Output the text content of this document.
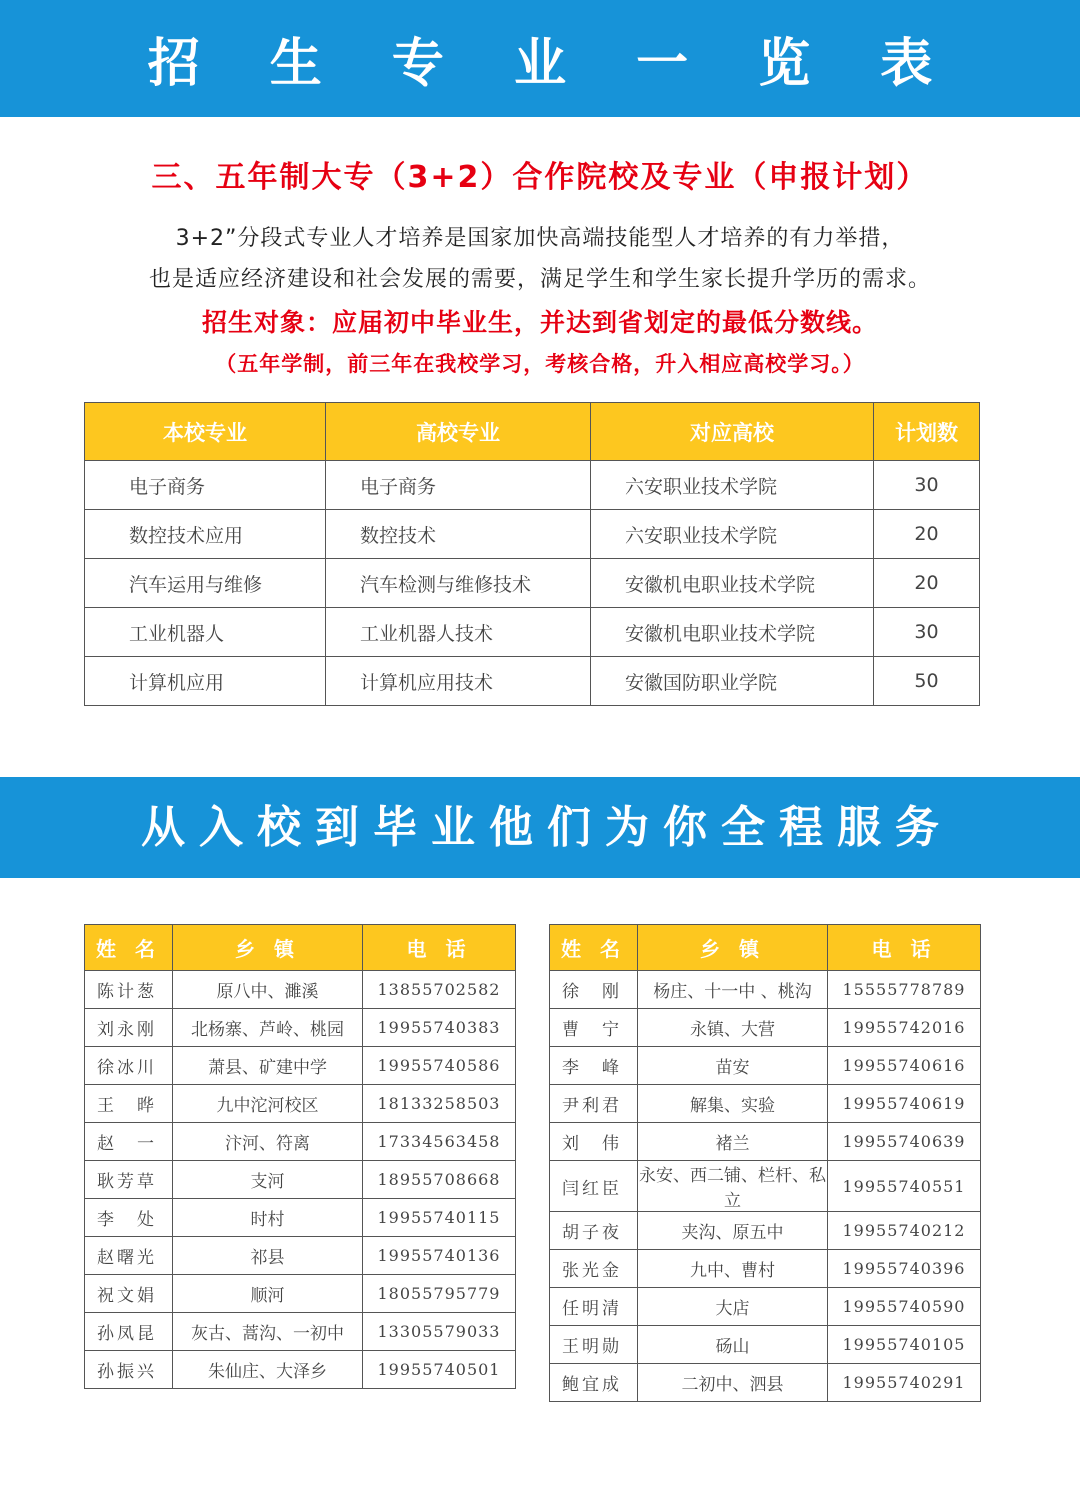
招 生 专 业 一 览 表
三、五年制大专（3+2）合作院校及专业（申报计划）
3+2”分段式专业人才培养是国家加快高端技能型人才培养的有力举措，
也是适应经济建设和社会发展的需要，满足学生和学生家长提升学历的需求。
招生对象：应届初中毕业生，并达到省划定的最低分数线。
（五年学制，前三年在我校学习，考核合格，升入相应高校学习。）
本校专业	高校专业	对应高校	计划数
电子商务	电子商务	六安职业技术学院	30
数控技术应用	数控技术	六安职业技术学院	20
汽车运用与维修	汽车检测与维修技术	安徽机电职业技术学院	20
工业机器人	工业机器人技术	安徽机电职业技术学院	30
计算机应用	计算机应用技术	安徽国防职业学院	50
从入校到毕业他们为你全程服务
姓 名	乡 镇	电 话
陈计葱	原八中、濉溪	13855702582
刘永刚	北杨寨、芦岭、桃园	19955740383
徐冰川	萧县、矿建中学	19955740586
王　晔	九中沱河校区	18133258503
赵　一	汴河、符离	17334563458
耿芳草	支河	18955708668
李　处	时村	19955740115
赵曙光	祁县	19955740136
祝文娟	顺河	18055795779
孙凤昆	灰古、蒿沟、一初中	13305579033
孙振兴	朱仙庄、大泽乡	19955740501
姓 名	乡 镇	电 话
徐　刚	杨庄、十一中 、桃沟	15555778789
曹　宁	永镇、大营	19955742016
李　峰	苗安	19955740616
尹利君	解集、实验	19955740619
刘　伟	褚兰	19955740639
闫红臣	永安、西二铺、栏杆、私立	19955740551
胡子夜	夹沟、原五中	19955740212
张光金	九中、曹村	19955740396
任明清	大店	19955740590
王明勋	砀山	19955740105
鲍宜成	二初中、泗县	19955740291
